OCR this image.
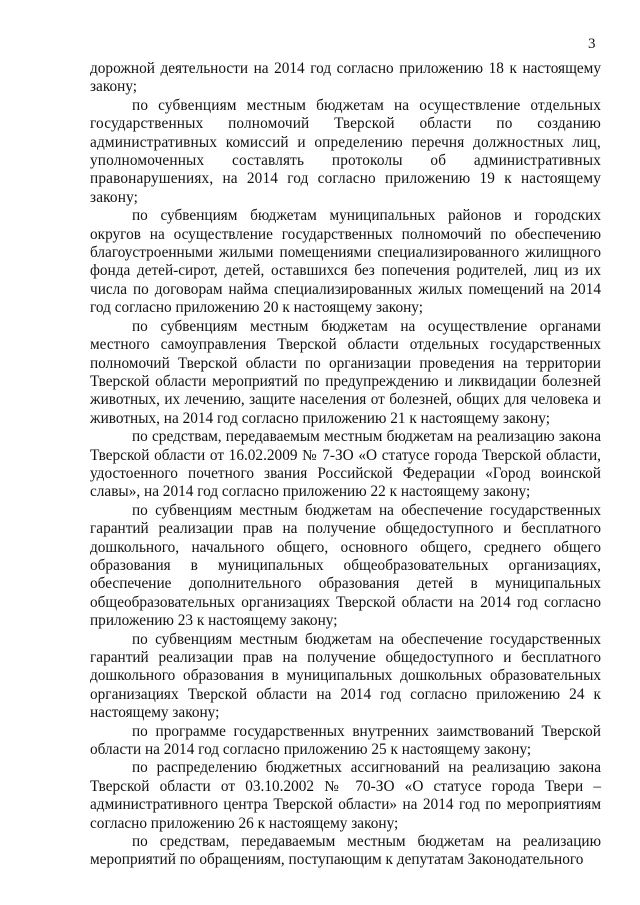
3

дорожной деятельности на 2014 год согласно приложению 18 к настоящему закону;

по субвенциям местным бюджетам на осуществление отдельных государственных полномочий Тверской области по созданию административных комиссий и определению перечня должностных лиц, уполномоченных составлять протоколы об административных правонарушениях, на 2014 год согласно приложению 19 к настоящему закону;

по субвенциям бюджетам муниципальных районов и городских округов на осуществление государственных полномочий по обеспечению благоустроенными жилыми помещениями специализированного жилищного фонда детей-сирот, детей, оставшихся без попечения родителей, лиц из их числа по договорам найма специализированных жилых помещений на 2014 год согласно приложению 20 к настоящему закону;

по субвенциям местным бюджетам на осуществление органами местного самоуправления Тверской области отдельных государственных полномочий Тверской области по организации проведения на территории Тверской области мероприятий по предупреждению и ликвидации болезней животных, их лечению, защите населения от болезней, общих для человека и животных, на 2014 год согласно приложению 21 к настоящему закону;

по средствам, передаваемым местным бюджетам на реализацию закона Тверской области от 16.02.2009 № 7-ЗО «О статусе города Тверской области, удостоенного почетного звания Российской Федерации «Город воинской славы», на 2014 год согласно приложению 22 к настоящему закону;

по субвенциям местным бюджетам на обеспечение государственных гарантий реализации прав на получение общедоступного и бесплатного дошкольного, начального общего, основного общего, среднего общего образования в муниципальных общеобразовательных организациях, обеспечение дополнительного образования детей в муниципальных общеобразовательных организациях Тверской области на 2014 год согласно приложению 23 к настоящему закону;

по субвенциям местным бюджетам на обеспечение государственных гарантий реализации прав на получение общедоступного и бесплатного дошкольного образования в муниципальных дошкольных образовательных организациях Тверской области на 2014 год согласно приложению 24 к настоящему закону;

по программе государственных внутренних заимствований Тверской области на 2014 год согласно приложению 25 к настоящему закону;

по распределению бюджетных ассигнований на реализацию закона Тверской области от 03.10.2002 № 70-ЗО «О статусе города Твери – административного центра Тверской области» на 2014 год по мероприятиям согласно приложению 26 к настоящему закону;

по средствам, передаваемым местным бюджетам на реализацию мероприятий по обращениям, поступающим к депутатам Законодательного
